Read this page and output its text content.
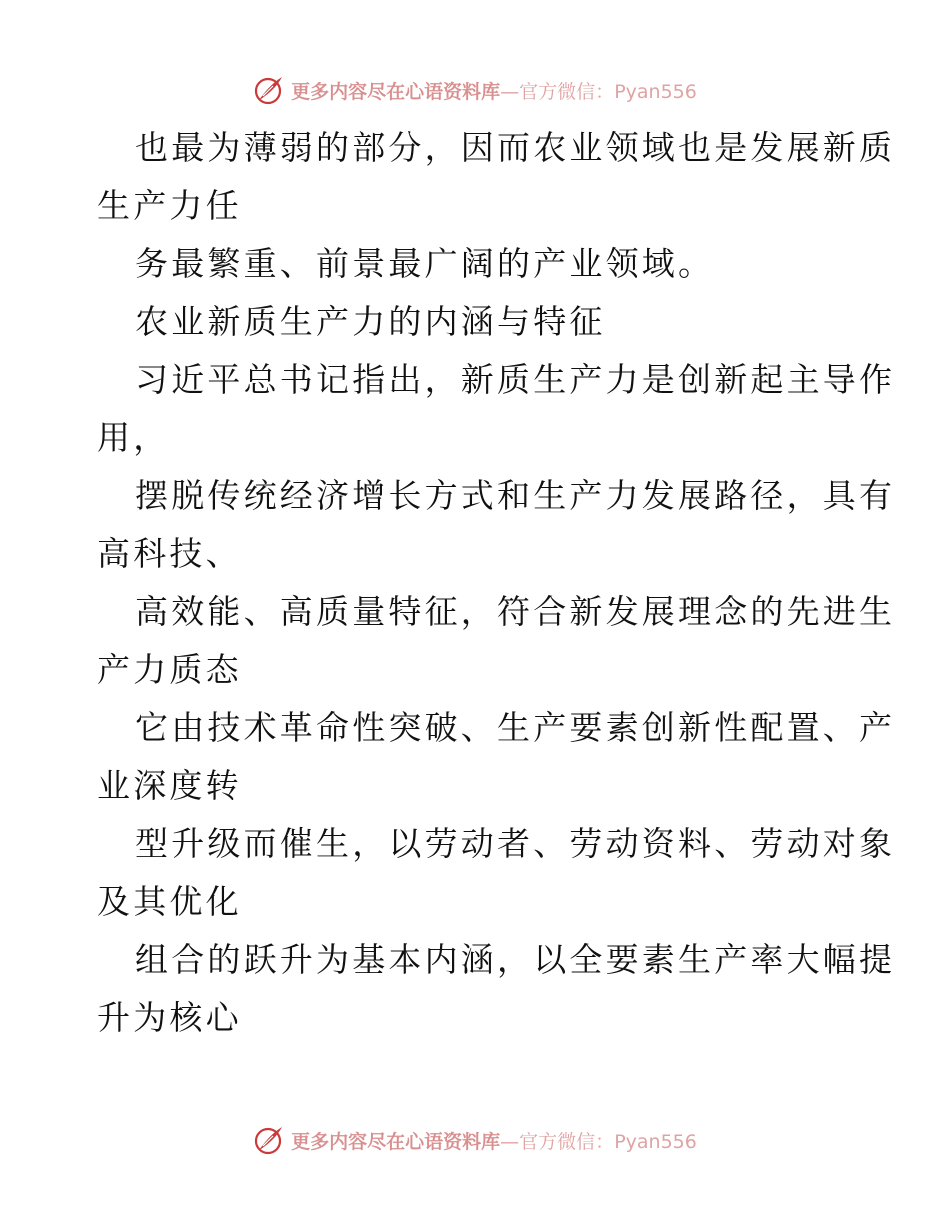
更多内容尽在心语资料库—官方微信：Pyan556
也最为薄弱的部分，因而农业领域也是发展新质
生产力任
务最繁重、前景最广阔的产业领域。
农业新质生产力的内涵与特征
习近平总书记指出，新质生产力是创新起主导作
用，
摆脱传统经济增长方式和生产力发展路径，具有
高科技、
高效能、高质量特征，符合新发展理念的先进生
产力质态
它由技术革命性突破、生产要素创新性配置、产
业深度转
型升级而催生，以劳动者、劳动资料、劳动对象
及其优化
组合的跃升为基本内涵，以全要素生产率大幅提
升为核心
更多内容尽在心语资料库—官方微信：Pyan556
